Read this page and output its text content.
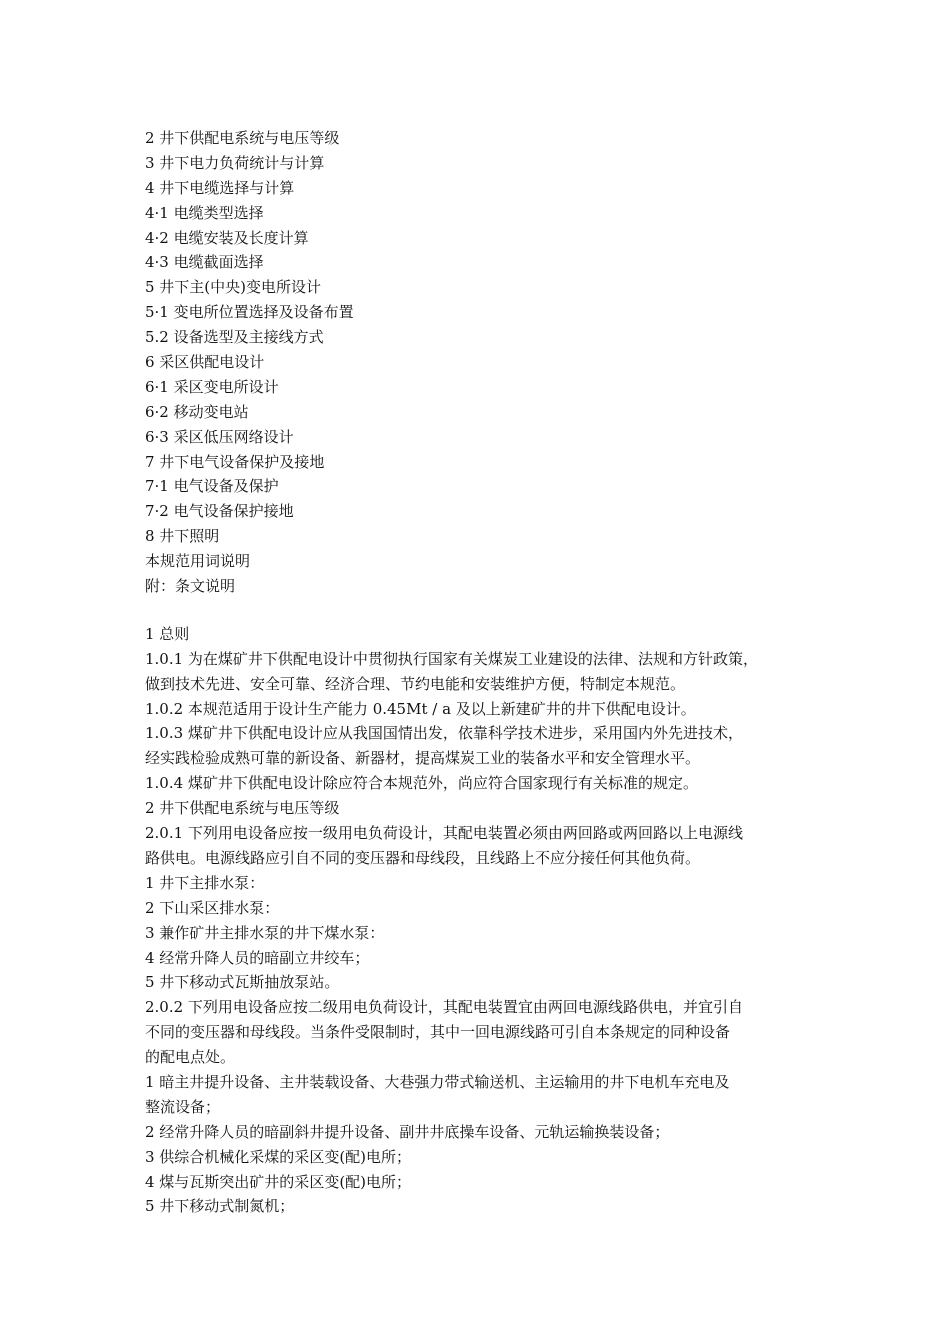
2 井下供配电系统与电压等级
3 井下电力负荷统计与计算
4 井下电缆选择与计算
4·1 电缆类型选择
4·2 电缆安装及长度计算
4·3 电缆截面选择
5 井下主(中央)变电所设计
5·1 变电所位置选择及设备布置
5.2 设备选型及主接线方式
6 采区供配电设计
6·1 采区变电所设计
6·2 移动变电站
6·3 采区低压网络设计
7 井下电气设备保护及接地
7·1 电气设备及保护
7·2 电气设备保护接地
8 井下照明
本规范用词说明
附：条文说明
1 总则
1.0.1 为在煤矿井下供配电设计中贯彻执行国家有关煤炭工业建设的法律、法规和方针政策，
做到技术先进、安全可靠、经济合理、节约电能和安装维护方便，特制定本规范。
1.0.2 本规范适用于设计生产能力 0.45Mt / a 及以上新建矿井的井下供配电设计。
1.0.3 煤矿井下供配电设计应从我国国情出发，依靠科学技术进步，采用国内外先进技术，
经实践检验成熟可靠的新设备、新器材，提高煤炭工业的装备水平和安全管理水平。
1.0.4 煤矿井下供配电设计除应符合本规范外，尚应符合国家现行有关标准的规定。
2 井下供配电系统与电压等级
2.0.1 下列用电设备应按一级用电负荷设计，其配电装置必须由两回路或两回路以上电源线
路供电。电源线路应引自不同的变压器和母线段，且线路上不应分接任何其他负荷。
1 井下主排水泵：
2 下山采区排水泵：
3 兼作矿井主排水泵的井下煤水泵：
4 经常升降人员的暗副立井绞车；
5 井下移动式瓦斯抽放泵站。
2.0.2 下列用电设备应按二级用电负荷设计，其配电装置宜由两回电源线路供电，并宜引自
不同的变压器和母线段。当条件受限制时，其中一回电源线路可引自本条规定的同种设备
的配电点处。
1 暗主井提升设备、主井装载设备、大巷强力带式输送机、主运输用的井下电机车充电及
整流设备；
2 经常升降人员的暗副斜井提升设备、副井井底操车设备、元轨运输换装设备；
3 供综合机械化采煤的采区变(配)电所；
4 煤与瓦斯突出矿井的采区变(配)电所；
5 井下移动式制氮机；
